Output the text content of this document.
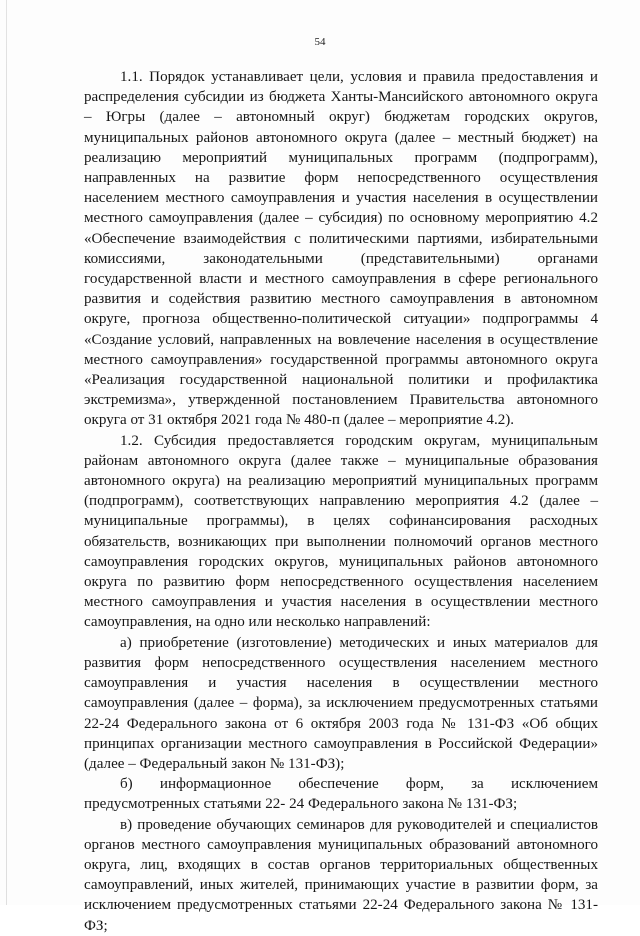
54

1.1. Порядок устанавливает цели, условия и правила предоставления и распределения субсидии из бюджета Ханты-Мансийского автономного округа – Югры (далее – автономный округ) бюджетам городских округов, муниципальных районов автономного округа (далее – местный бюджет) на реализацию мероприятий муниципальных программ (подпрограмм), направленных на развитие форм непосредственного осуществления населением местного самоуправления и участия населения в осуществлении местного самоуправления (далее – субсидия) по основному мероприятию 4.2 «Обеспечение взаимодействия с политическими партиями, избирательными комиссиями, законодательными (представительными) органами государственной власти и местного самоуправления в сфере регионального развития и содействия развитию местного самоуправления в автономном округе, прогноза общественно-политической ситуации» подпрограммы 4 «Создание условий, направленных на вовлечение населения в осуществление местного самоуправления» государственной программы автономного округа «Реализация государственной национальной политики и профилактика экстремизма», утвержденной постановлением Правительства автономного округа от 31 октября 2021 года № 480-п (далее – мероприятие 4.2).

1.2. Субсидия предоставляется городским округам, муниципальным районам автономного округа (далее также – муниципальные образования автономного округа) на реализацию мероприятий муниципальных программ (подпрограмм), соответствующих направлению мероприятия 4.2 (далее – муниципальные программы), в целях софинансирования расходных обязательств, возникающих при выполнении полномочий органов местного самоуправления городских округов, муниципальных районов автономного округа по развитию форм непосредственного осуществления населением местного самоуправления и участия населения в осуществлении местного самоуправления, на одно или несколько направлений:

а) приобретение (изготовление) методических и иных материалов для развития форм непосредственного осуществления населением местного самоуправления и участия населения в осуществлении местного самоуправления (далее – форма), за исключением предусмотренных статьями 22-24 Федерального закона от 6 октября 2003 года № 131-ФЗ «Об общих принципах организации местного самоуправления в Российской Федерации» (далее – Федеральный закон № 131-ФЗ);

б) информационное обеспечение форм, за исключением предусмотренных статьями 22- 24 Федерального закона № 131-ФЗ;

в) проведение обучающих семинаров для руководителей и специалистов органов местного самоуправления муниципальных образований автономного округа, лиц, входящих в состав органов территориальных общественных самоуправлений, иных жителей, принимающих участие в развитии форм, за исключением предусмотренных статьями 22-24 Федерального закона № 131-ФЗ;
